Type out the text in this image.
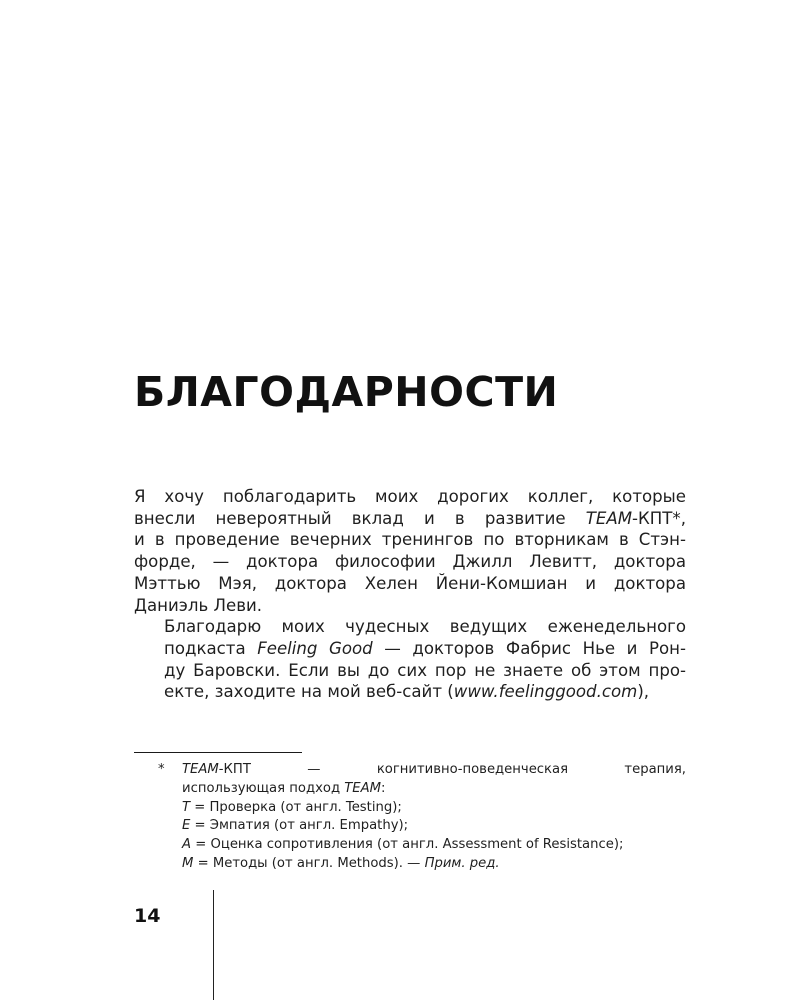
БЛАГОДАРНОСТИ

Я хочу поблагодарить моих дорогих коллег, которые
внесли невероятный вклад и в развитие TEAM-КПТ*,
и в проведение вечерних тренингов по вторникам в Стэн-
форде, — доктора философии Джилл Левитт, доктора
Мэттью Мэя, доктора Хелен Йени-Комшиан и доктора
Даниэль Леви.

Благодарю моих чудесных ведущих еженедельного
подкаста Feeling Good — докторов Фабрис Нье и Рон-
ду Баровски. Если вы до сих пор не знаете об этом про-
екте, заходите на мой веб-сайт (www.feelinggood.com),

* TEAM-КПТ — когнитивно-поведенческая терапия,
использующая подход TEAM:
T = Проверка (от англ. Testing);
E = Эмпатия (от англ. Empathy);
A = Оценка сопротивления (от англ. Assessment of Resistance);
M = Методы (от англ. Methods). — Прим. ред.
14
